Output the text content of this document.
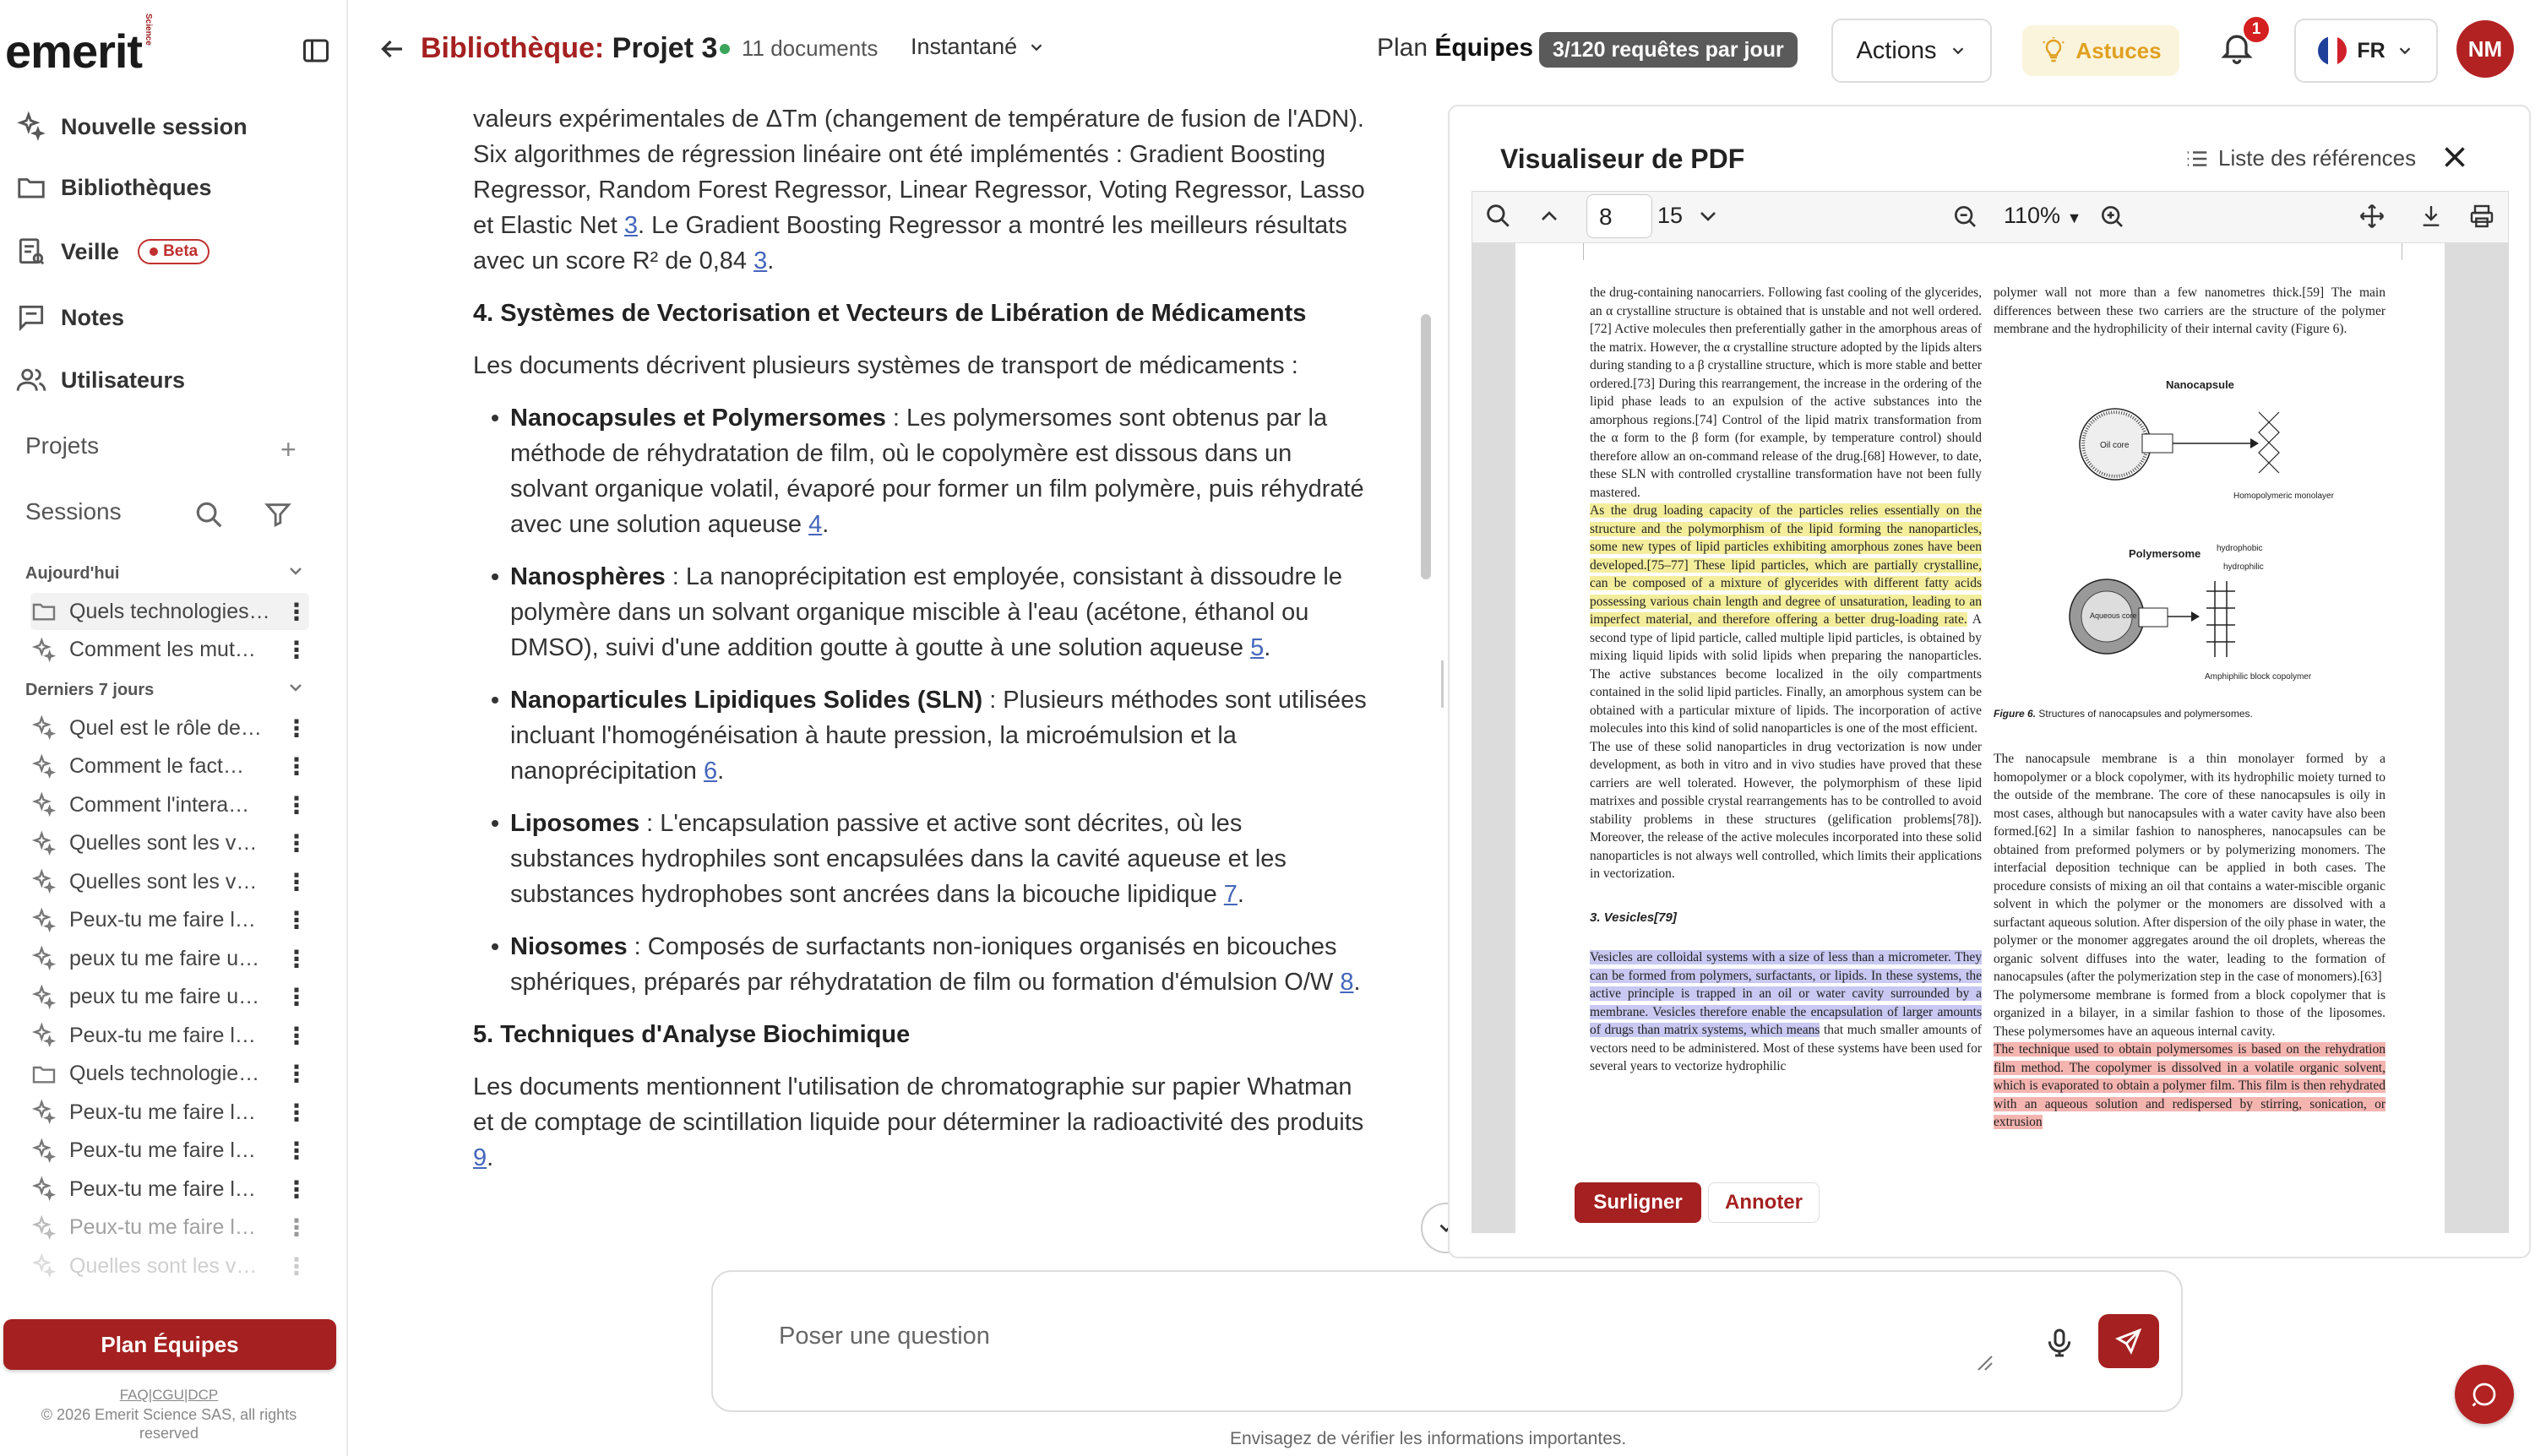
emerit Science
Nouvelle session
Bibliothèques
Veille	Beta
Notes
Utilisateurs
Projets	+
Sessions
Aujourd'hui
Quels technologies… ⋮
Comment les mut…	⋮
Derniers 7 jours
Quel est le rôle de… ⋮
Comment le fact…	⋮
Comment l'intera…	⋮
Quelles sont les v…	⋮
Quelles sont les v…	⋮
Peux-tu me faire l…	⋮
peux tu me faire u…	⋮
peux tu me faire u…	⋮
Peux-tu me faire l…	⋮
Quels technologie…	⋮
Peux-tu me faire l…	⋮
Peux-tu me faire l…	⋮
Peux-tu me faire l…	⋮
Peux-tu me faire l…	⋮
Quelles sont les v…	⋮
Plan Équipes
FAQ|CGU|DCP
© 2026 Emerit Science SAS, all rights reserved
Bibliothèque: Projet 3 11 documents Instantané	Plan Équipes 3/120 requêtes par jour	Actions	Astuces
1
FR	NM

valeurs expérimentales de ΔTm (changement de température de fusion de l'ADN). Six algorithmes de régression linéaire ont été implémentés : Gradient Boosting Regressor, Random Forest Regressor, Linear Regressor, Voting Regressor, Lasso et Elastic Net 3. Le Gradient Boosting Regressor a montré les meilleurs résultats avec un score R² de 0,84 3.

4. Systèmes de Vectorisation et Vecteurs de Libération de Médicaments

Les documents décrivent plusieurs systèmes de transport de médicaments :

Nanocapsules et Polymersomes : Les polymersomes sont obtenus par la méthode de réhydratation de film, où le copolymère est dissous dans un solvant organique volatil, évaporé pour former un film polymère, puis réhydraté avec une solution aqueuse 4.
Nanosphères : La nanoprécipitation est employée, consistant à dissoudre le polymère dans un solvant organique miscible à l'eau (acétone, éthanol ou DMSO), suivi d'une addition goutte à goutte à une solution aqueuse 5.
Nanoparticules Lipidiques Solides (SLN) : Plusieurs méthodes sont utilisées incluant l'homogénéisation à haute pression, la microémulsion et la nanoprécipitation 6.
Liposomes : L'encapsulation passive et active sont décrites, où les substances hydrophiles sont encapsulées dans la cavité aqueuse et les substances hydrophobes sont ancrées dans la bicouche lipidique 7.
Niosomes : Composés de surfactants non-ioniques organisés en bicouches sphériques, préparés par réhydratation de film ou formation d'émulsion O/W 8.
5. Techniques d'Analyse Biochimique

Les documents mentionnent l'utilisation de chromatographie sur papier Whatman et de comptage de scintillation liquide pour déterminer la radioactivité des produits 9.

Poser une question
Envisagez de vérifier les informations importantes.
Visualiseur de PDF	Liste des références
8	15	110% ▼
the drug-containing nanocarriers. Following fast cooling of the glycerides, an α crystalline structure is obtained that is unstable and not well ordered.[72] Active molecules then preferentially gather in the amorphous areas of the matrix. However, the α crystalline structure adopted by the lipids alters during standing to a β crystalline structure, which is more stable and better ordered.[73] During this rearrangement, the increase in the ordering of the lipid phase leads to an expulsion of the active substances into the amorphous regions.[74] Control of the lipid matrix transformation from the α form to the β form (for example, by temperature control) should therefore allow an on-command release of the drug.[68] However, to date, these SLN with controlled crystalline transformation have not been fully mastered.
As the drug loading capacity of the particles relies essentially on the structure and the polymorphism of the lipid forming the nanoparticles, some new types of lipid particles exhibiting amorphous zones have been developed.[75–77] These lipid particles, which are partially crystalline, can be composed of a mixture of glycerides with different fatty acids possessing various chain length and degree of unsaturation, leading to an imperfect material, and therefore offering a better drug-loading rate. A second type of lipid particle, called multiple lipid particles, is obtained by mixing liquid lipids with solid lipids when preparing the nanoparticles. The active substances become localized in the oily compartments contained in the solid lipid particles. Finally, an amorphous system can be obtained with a particular mixture of lipids. The incorporation of active molecules into this kind of solid nanoparticles is one of the most efficient.
The use of these solid nanoparticles in drug vectorization is now under development, as both in vitro and in vivo studies have proved that these carriers are well tolerated. However, the polymorphism of these lipid matrixes and possible crystal rearrangements has to be controlled to avoid stability problems in these structures (gelification problems[78]). Moreover, the release of the active molecules incorporated into these solid nanoparticles is not always well controlled, which limits their applications in vectorization.
3. Vesicles[79]
Vesicles are colloidal systems with a size of less than a micrometer. They can be formed from polymers, surfactants, or lipids. In these systems, the active principle is trapped in an oil or water cavity surrounded by a membrane. Vesicles therefore enable the encapsulation of larger amounts of drugs than matrix systems, which means that much smaller amounts of vectors need to be administered. Most of these systems have been used for several years to vectorize hydrophilic
polymer wall not more than a few nanometres thick.[59] The main differences between these two carriers are the structure of the polymer membrane and the hydrophilicity of their internal cavity (Figure 6).
Nanocapsule
Oil core
Homopolymeric monolayer
Polymersome hydrophobic
hydrophilic
Aqueous core
Amphiphilic block copolymer
Figure 6. Structures of nanocapsules and polymersomes.
The nanocapsule membrane is a thin monolayer formed by a homopolymer or a block copolymer, with its hydrophilic moiety turned to the outside of the membrane. The core of these nanocapsules is oily in most cases, although but nanocapsules with a water cavity have also been formed.[62] In a similar fashion to nanospheres, nanocapsules can be obtained from preformed polymers or by polymerizing monomers. The interfacial deposition technique can be applied in both cases. The procedure consists of mixing an oil that contains a water-miscible organic solvent in which the polymer or the monomers are dissolved with a surfactant aqueous solution. After dispersion of the oily phase in water, the polymer or the monomer aggregates around the oil droplets, whereas the organic solvent diffuses into the water, leading to the formation of nanocapsules (after the polymerization step in the case of monomers).[63]
The polymersome membrane is formed from a block copolymer that is organized in a bilayer, in a similar fashion to those of the liposomes. These polymersomes have an aqueous internal cavity.
The technique used to obtain polymersomes is based on the rehydration film method. The copolymer is dissolved in a volatile organic solvent, which is evaporated to obtain a polymer film. This film is then rehydrated with an aqueous solution and redispersed by stirring, sonication, or extrusion
Surligner	Annoter
